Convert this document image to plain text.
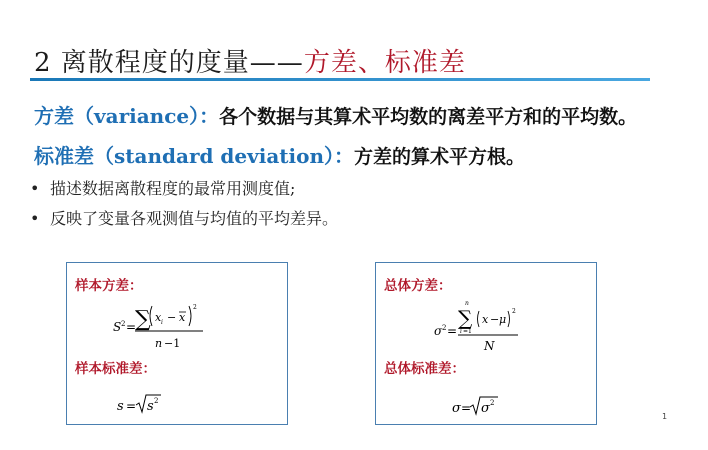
2 离散程度的度量——方差、标准差
方差（variance）：各个数据与其算术平均数的离差平方和的平均数。
标准差（standard deviation）：方差的算术平方根。
• 描述数据离散程度的最常用测度值;
• 反映了变量各观测值与均值的平均差异。
样本方差：
S 2 =
∑ x i − x
2
n −1
样本标准差：
s = s 2
总体方差：
σ 2 =
n
∑
i =1
x − μ
2
N
总体标准差：
σ = σ 2
1
